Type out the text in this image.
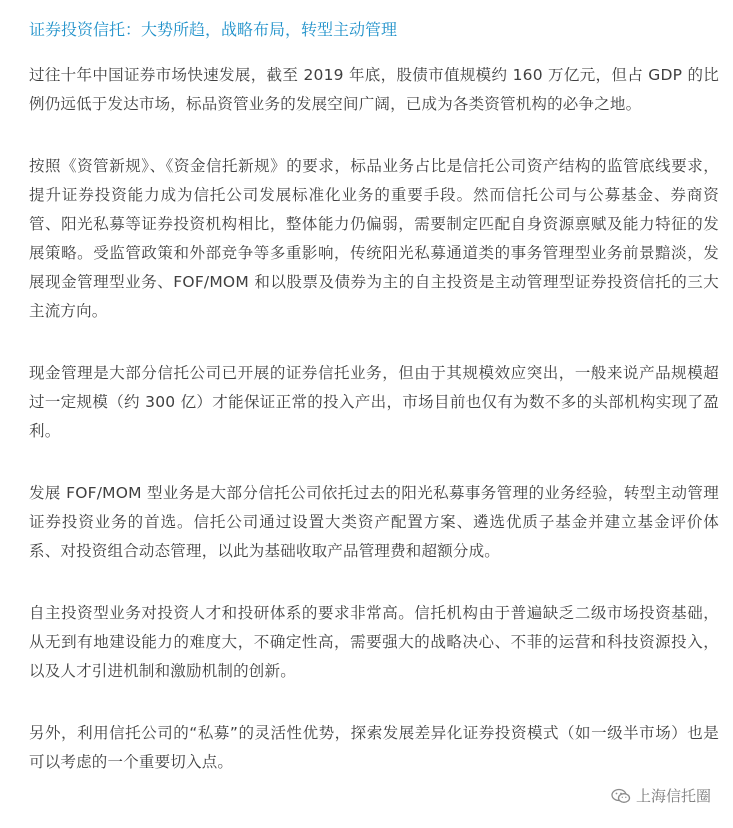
证券投资信托：大势所趋，战略布局，转型主动管理

过往十年中国证券市场快速发展，截至 2019 年底，股债市值规模约 160 万亿元，但占 GDP 的比例仍远低于发达市场，标品资管业务的发展空间广阔，已成为各类资管机构的必争之地。

按照《资管新规》、《资金信托新规》的要求，标品业务占比是信托公司资产结构的监管底线要求，提升证券投资能力成为信托公司发展标准化业务的重要手段。然而信托公司与公募基金、券商资管、阳光私募等证券投资机构相比，整体能力仍偏弱，需要制定匹配自身资源禀赋及能力特征的发展策略。受监管政策和外部竞争等多重影响，传统阳光私募通道类的事务管理型业务前景黯淡，发展现金管理型业务、FOF/MOM 和以股票及债券为主的自主投资是主动管理型证券投资信托的三大主流方向。

现金管理是大部分信托公司已开展的证券信托业务，但由于其规模效应突出，一般来说产品规模超过一定规模（约 300 亿）才能保证正常的投入产出，市场目前也仅有为数不多的头部机构实现了盈利。

发展 FOF/MOM 型业务是大部分信托公司依托过去的阳光私募事务管理的业务经验，转型主动管理证券投资业务的首选。信托公司通过设置大类资产配置方案、遴选优质子基金并建立基金评价体系、对投资组合动态管理，以此为基础收取产品管理费和超额分成。

自主投资型业务对投资人才和投研体系的要求非常高。信托机构由于普遍缺乏二级市场投资基础，从无到有地建设能力的难度大，不确定性高，需要强大的战略决心、不菲的运营和科技资源投入，以及人才引进机制和激励机制的创新。

另外，利用信托公司的“私募”的灵活性优势，探索发展差异化证券投资模式（如一级半市场）也是可以考虑的一个重要切入点。

上海信托圈
